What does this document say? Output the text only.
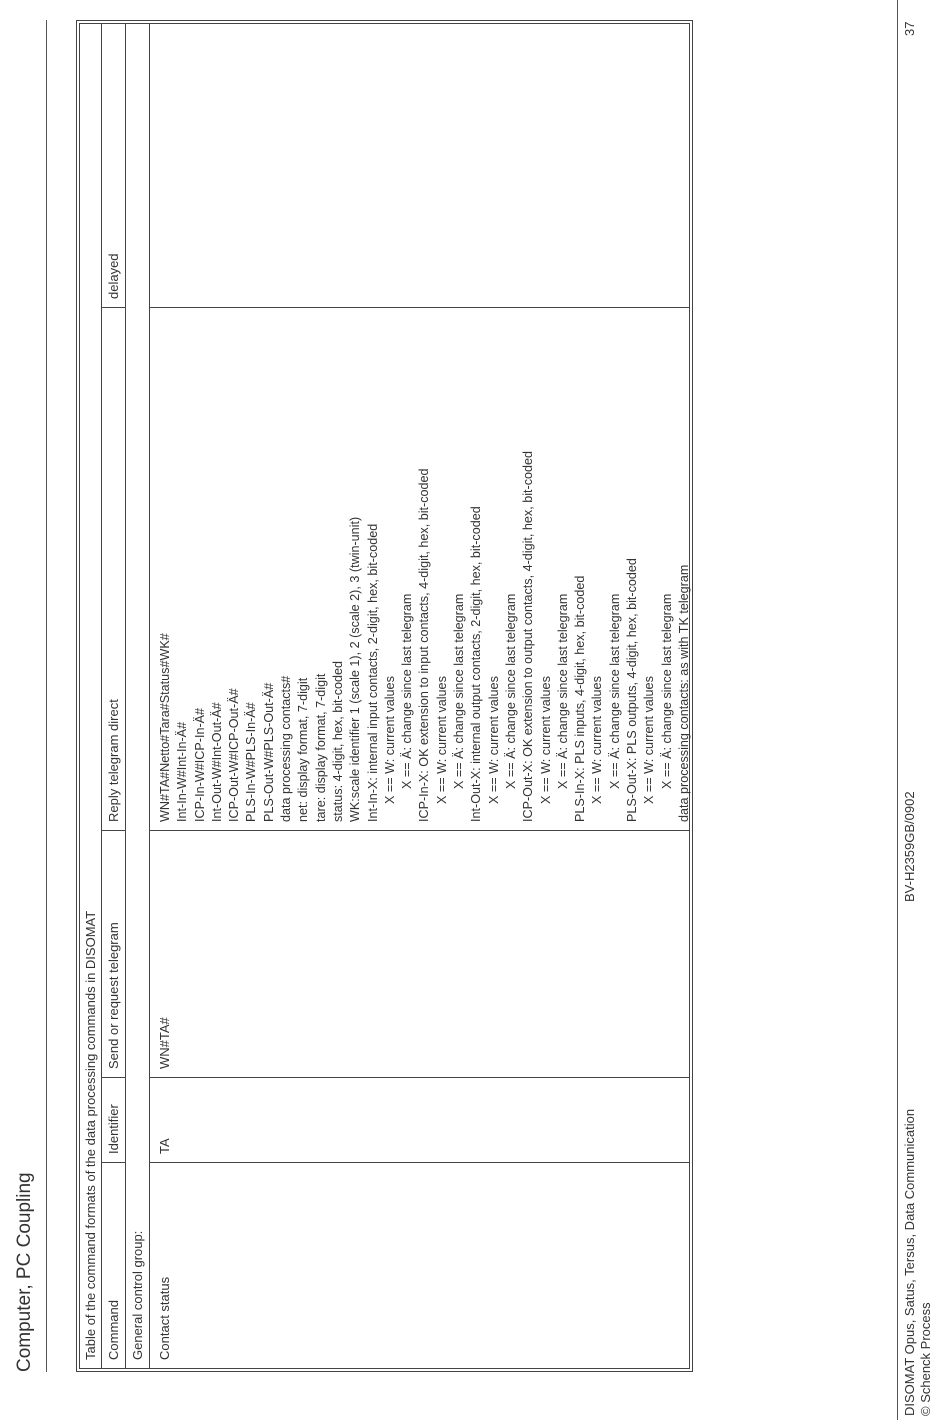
Computer, PC Coupling	Table of the command formats of the data processing commands in DISOMAT Command
Identifier
Send or request telegram
Reply telegram direct
delayed
General control group: Contact status
TA
WN#TA#
WN#TA#Netto#Tara#Status#WK# Int-In-W#Int-In-Ä# ICP-In-W#ICP-In-Ä# Int-Out-W#Int-Out-Ä# ICP-Out-W#ICP-Out-Ä# PLS-In-W#PLS-In-Ä# PLS-Out-W#PLS-Out-Ä# data processing contacts# net: display format, 7-digit tare: display format, 7-digit status: 4-digit, hex, bit-coded WK:scale identifier 1 (scale 1), 2 (scale 2), 3 (twin-unit) Int-In-X: internal input contacts, 2-digit, hex, bit-coded X == W: current values X == Ä: change since last telegram ICP-In-X: OK extension to input contacts, 4-digit, hex, bit-coded X == W: current values X == Ä: change since last telegram Int-Out-X: internal output contacts, 2-digit, hex, bit-coded X == W: current values X == Ä: change since last telegram ICP-Out-X: OK extension to output contacts, 4-digit, hex, bit-coded X == W: current values X == Ä: change since last telegram PLS-In-X: PLS inputs, 4-digit, hex, bit-coded X == W: current values X == Ä: change since last telegram PLS-Out-X: PLS outputs, 4-digit, hex, bit-coded X == W: current values X == Ä: change since last telegram data processing contacts: as with TK telegram
DISOMAT Opus, Satus, Tersus, Data Communication © Schenck Process
BV-H2359GB/0902
37
